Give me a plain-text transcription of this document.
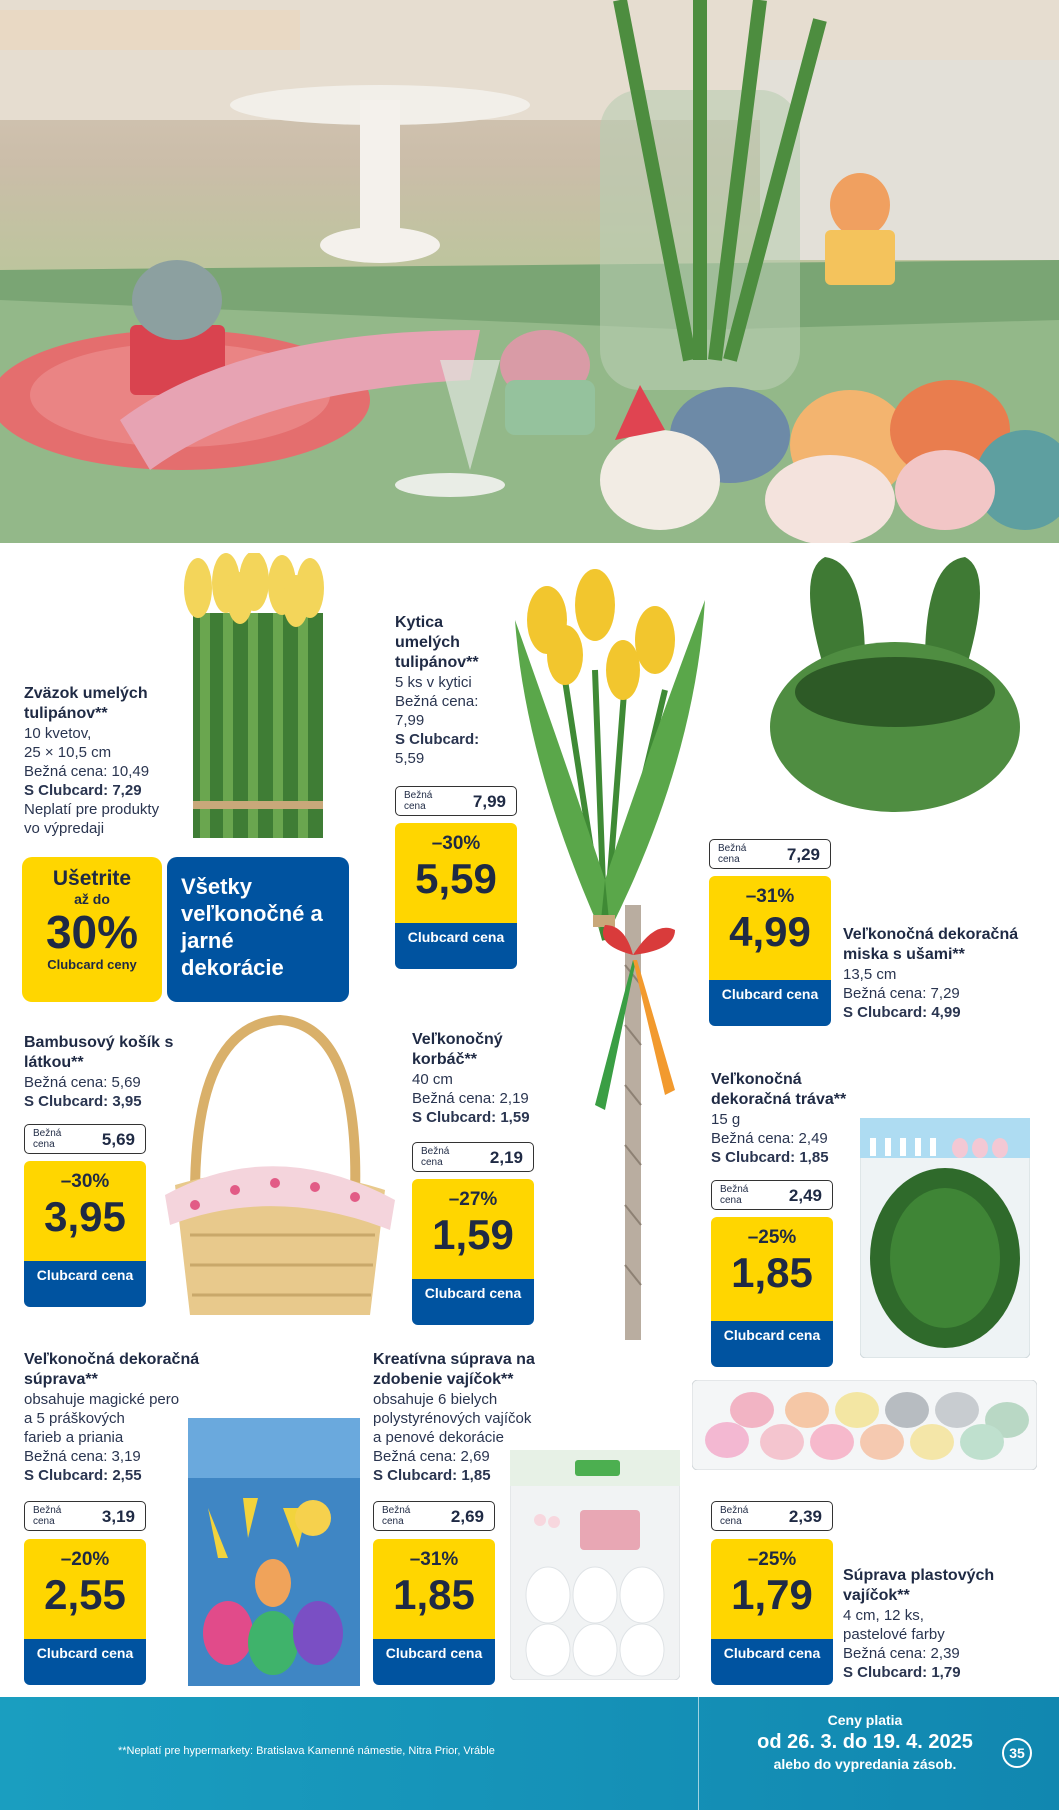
Zväzok umelých tulipánov**
10 kvetov,
25 × 10,5 cm
Bežná cena: 10,49
S Clubcard: 7,29
Neplatí pre produkty
vo výpredaji
Ušetrite
až do
30%
Clubcard ceny
Všetky veľkonočné a jarné dekorácie
Kytica umelých tulipánov**
5 ks v kytici
Bežná cena:
7,99
S Clubcard:
5,59
Bežná cena	7,99
–30%
5,59
Clubcard cena
Bežná cena	7,29
–31%
4,99
Clubcard cena
Veľkonočná dekoračná miska s ušami**
13,5 cm
Bežná cena: 7,29
S Clubcard: 4,99
Bambusový košík s látkou**
Bežná cena: 5,69
S Clubcard: 3,95
Bežná cena	5,69
–30%
3,95
Clubcard cena
Veľkonočný korbáč**
40 cm
Bežná cena: 2,19
S Clubcard: 1,59
Bežná cena	2,19
–27%
1,59
Clubcard cena
Veľkonočná dekoračná tráva**
15 g
Bežná cena: 2,49
S Clubcard: 1,85
Bežná cena	2,49
–25%
1,85
Clubcard cena
Veľkonočná dekoračná súprava**
obsahuje magické pero
a 5 práškových
farieb a priania
Bežná cena: 3,19
S Clubcard: 2,55
Bežná cena	3,19
–20%
2,55
Clubcard cena
Kreatívna súprava na zdobenie vajíčok**
obsahuje 6 bielych
polystyrénových vajíčok
a penové dekorácie
Bežná cena: 2,69
S Clubcard: 1,85
Bežná cena	2,69
–31%
1,85
Clubcard cena
Bežná cena	2,39
–25%
1,79
Clubcard cena
Súprava plastových vajíčok**
4 cm, 12 ks,
pastelové farby
Bežná cena: 2,39
S Clubcard: 1,79
**Neplatí pre hypermarkety: Bratislava Kamenné námestie, Nitra Prior, Vráble
Ceny platia
od 26. 3. do 19. 4. 2025
alebo do vypredania zásob.
35
